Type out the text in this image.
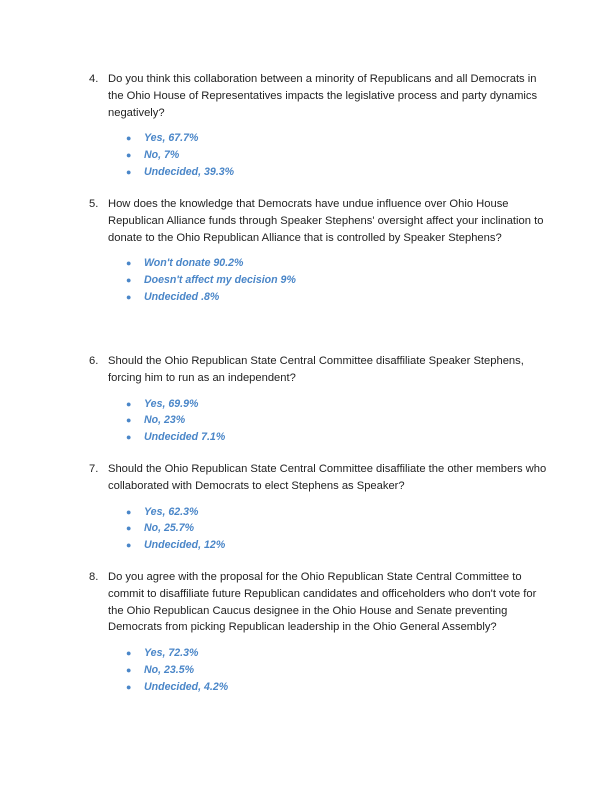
4. Do you think this collaboration between a minority of Republicans and all Democrats in the Ohio House of Representatives impacts the legislative process and party dynamics negatively?
● Yes, 67.7%
● No, 7%
● Undecided, 39.3%
5. How does the knowledge that Democrats have undue influence over Ohio House Republican Alliance funds through Speaker Stephens' oversight affect your inclination to donate to the Ohio Republican Alliance that is controlled by Speaker Stephens?
● Won't donate 90.2%
● Doesn't affect my decision 9%
● Undecided .8%
6. Should the Ohio Republican State Central Committee disaffiliate Speaker Stephens, forcing him to run as an independent?
● Yes, 69.9%
● No, 23%
● Undecided 7.1%
7. Should the Ohio Republican State Central Committee disaffiliate the other members who collaborated with Democrats to elect Stephens as Speaker?
● Yes, 62.3%
● No, 25.7%
● Undecided, 12%
8. Do you agree with the proposal for the Ohio Republican State Central Committee to commit to disaffiliate future Republican candidates and officeholders who don't vote for the Ohio Republican Caucus designee in the Ohio House and Senate preventing Democrats from picking Republican leadership in the Ohio General Assembly?
● Yes, 72.3%
● No, 23.5%
● Undecided, 4.2%
